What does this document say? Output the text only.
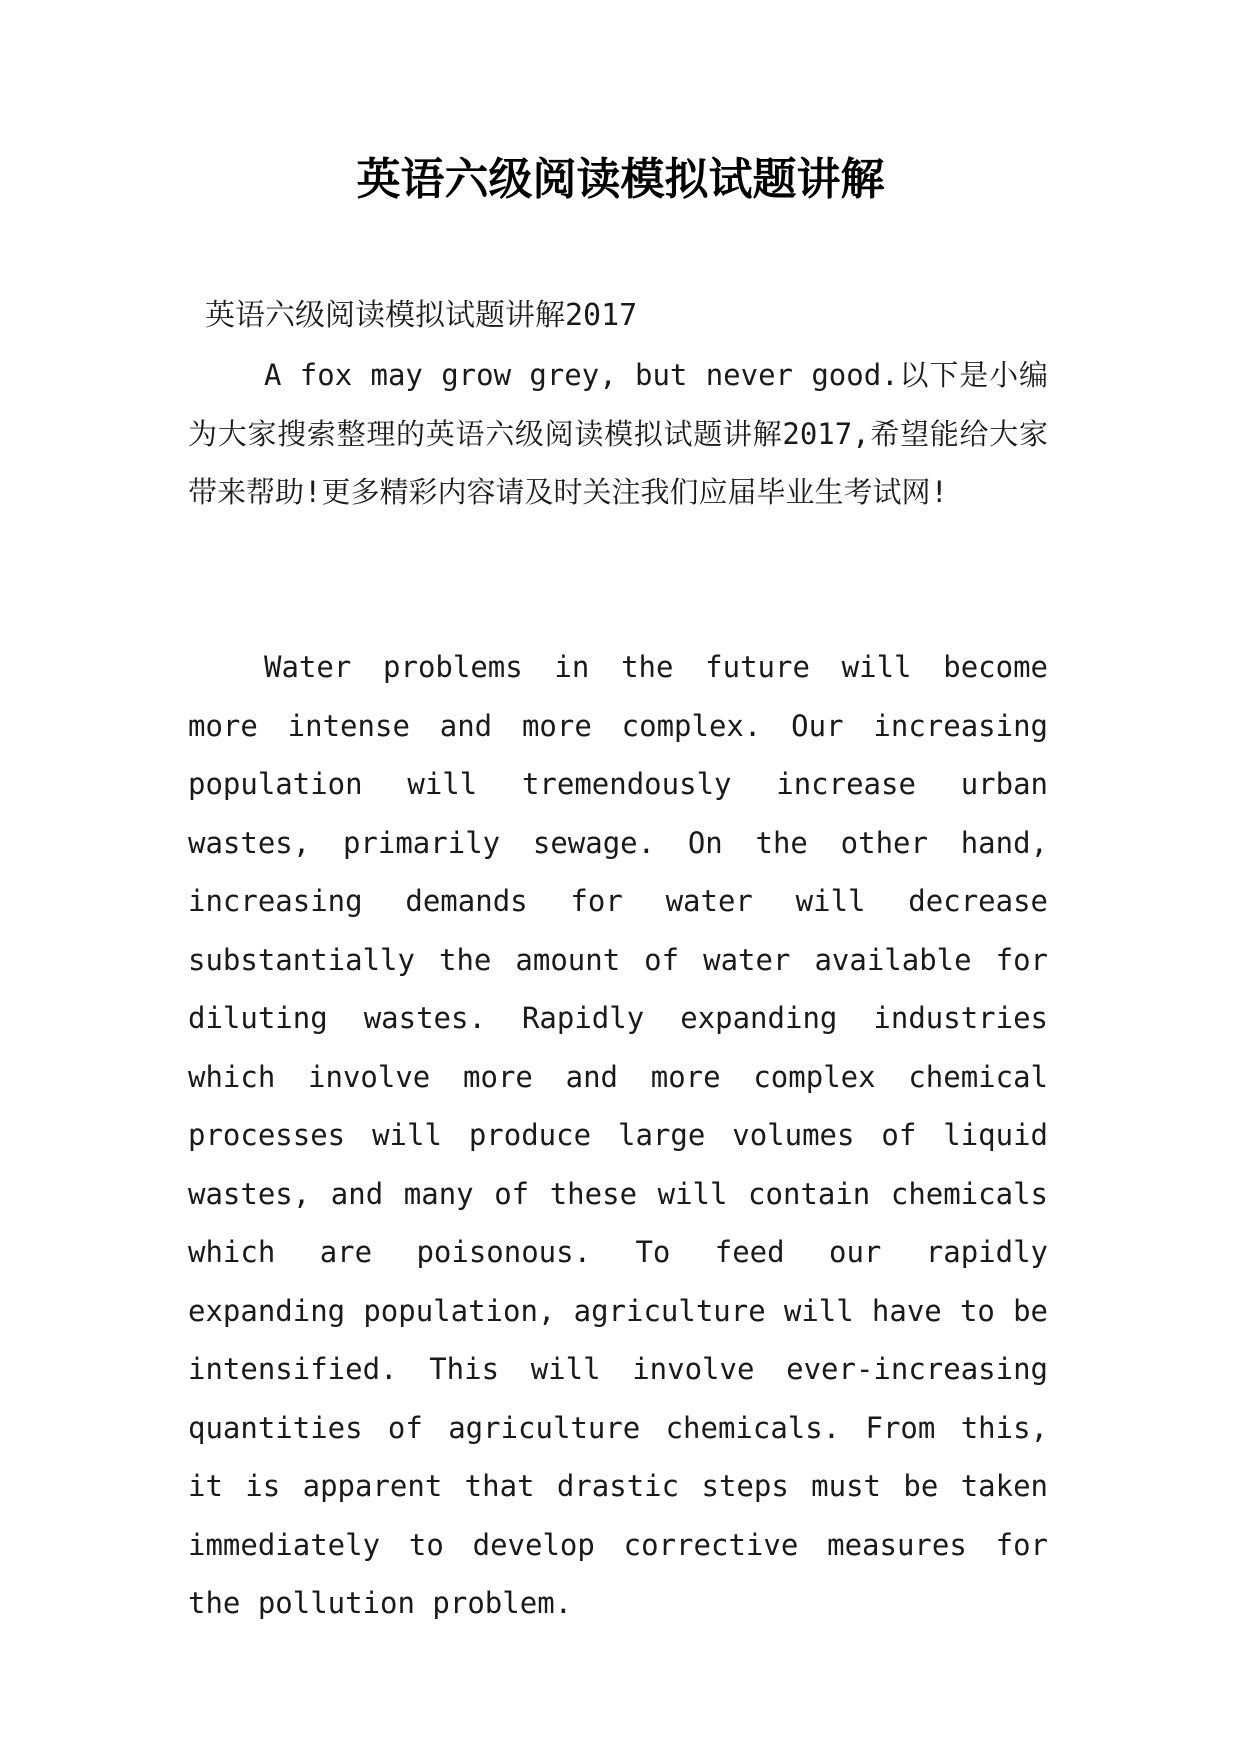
英语六级阅读模拟试题讲解
英语六级阅读模拟试题讲解2017

A fox may grow grey, but never good.以下是小编为大家搜索整理的英语六级阅读模拟试题讲解2017,希望能给大家带来帮助!更多精彩内容请及时关注我们应届毕业生考试网!

Water problems in the future will become more intense and more complex. Our increasing population will tremendously increase urban wastes, primarily sewage. On the other hand, increasing demands for water will decrease substantially the amount of water available for diluting wastes. Rapidly expanding industries which involve more and more complex chemical processes will produce large volumes of liquid wastes, and many of these will contain chemicals which are poisonous. To feed our rapidly expanding population, agriculture will have to be intensified. This will involve ever-increasing quantities of agriculture chemicals. From this, it is apparent that drastic steps must be taken immediately to develop corrective measures for the pollution problem.
